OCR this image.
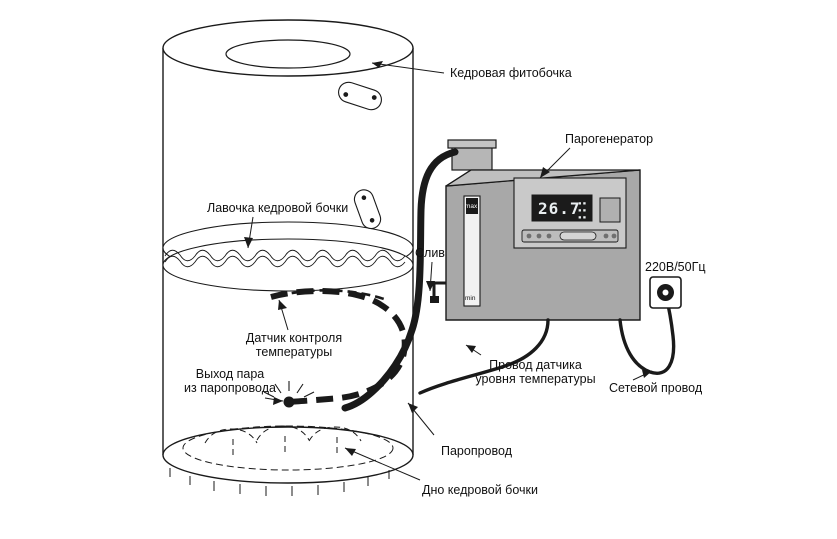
26.7
▪▪
▪▪
▪▪
max
min
Кедровая фитобочка
Парогенератор
Лавочка кедровой бочки
Слив
Датчик контроля
температуры
Выход пара
из паропровода
Паропровод
Провод датчика
уровня температуры
Сетевой провод
220В/50Гц
Дно кедровой бочки
